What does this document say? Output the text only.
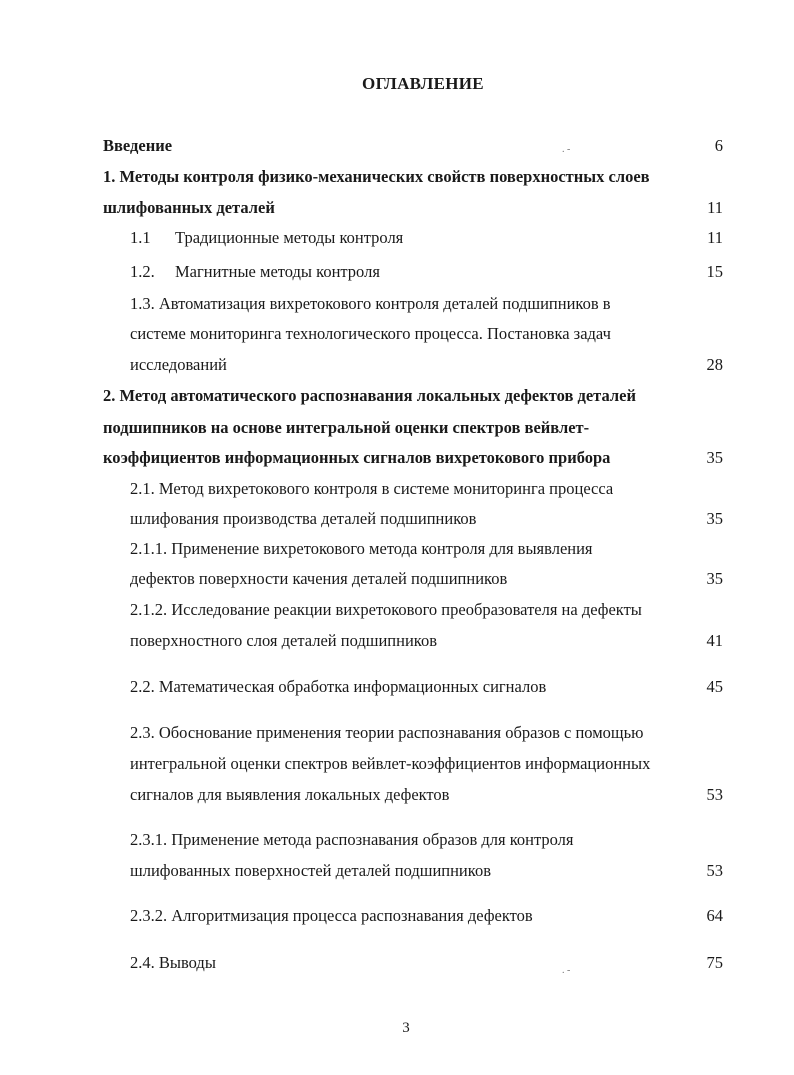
ОГЛАВЛЕНИЕ
Введение	. -	6
1. Методы контроля физико-механических свойств поверхностных слоев
шлифованных деталей	11
1.1 Традиционные методы контроля	11
1.2. Магнитные методы контроля	15
1.3. Автоматизация вихретокового контроля деталей подшипников в
системе мониторинга технологического процесса. Постановка задач
исследований	28
2. Метод автоматического распознавания локальных дефектов деталей
подшипников на основе интегральной оценки спектров вейвлет-
коэффициентов информационных сигналов вихретокового прибора	35
2.1. Метод вихретокового контроля в системе мониторинга процесса
шлифования производства деталей подшипников	35
2.1.1. Применение вихретокового метода контроля для выявления
дефектов поверхности качения деталей подшипников	35
2.1.2. Исследование реакции вихретокового преобразователя на дефекты
поверхностного слоя деталей подшипников	41
2.2. Математическая обработка информационных сигналов	45
2.3. Обоснование применения теории распознавания образов с помощью
интегральной оценки спектров вейвлет-коэффициентов информационных
сигналов для выявления локальных дефектов	53
2.3.1. Применение метода распознавания образов для контроля
шлифованных поверхностей деталей подшипников	53
2.3.2. Алгоритмизация процесса распознавания дефектов	64
2.4. Выводы	. -	75
3
